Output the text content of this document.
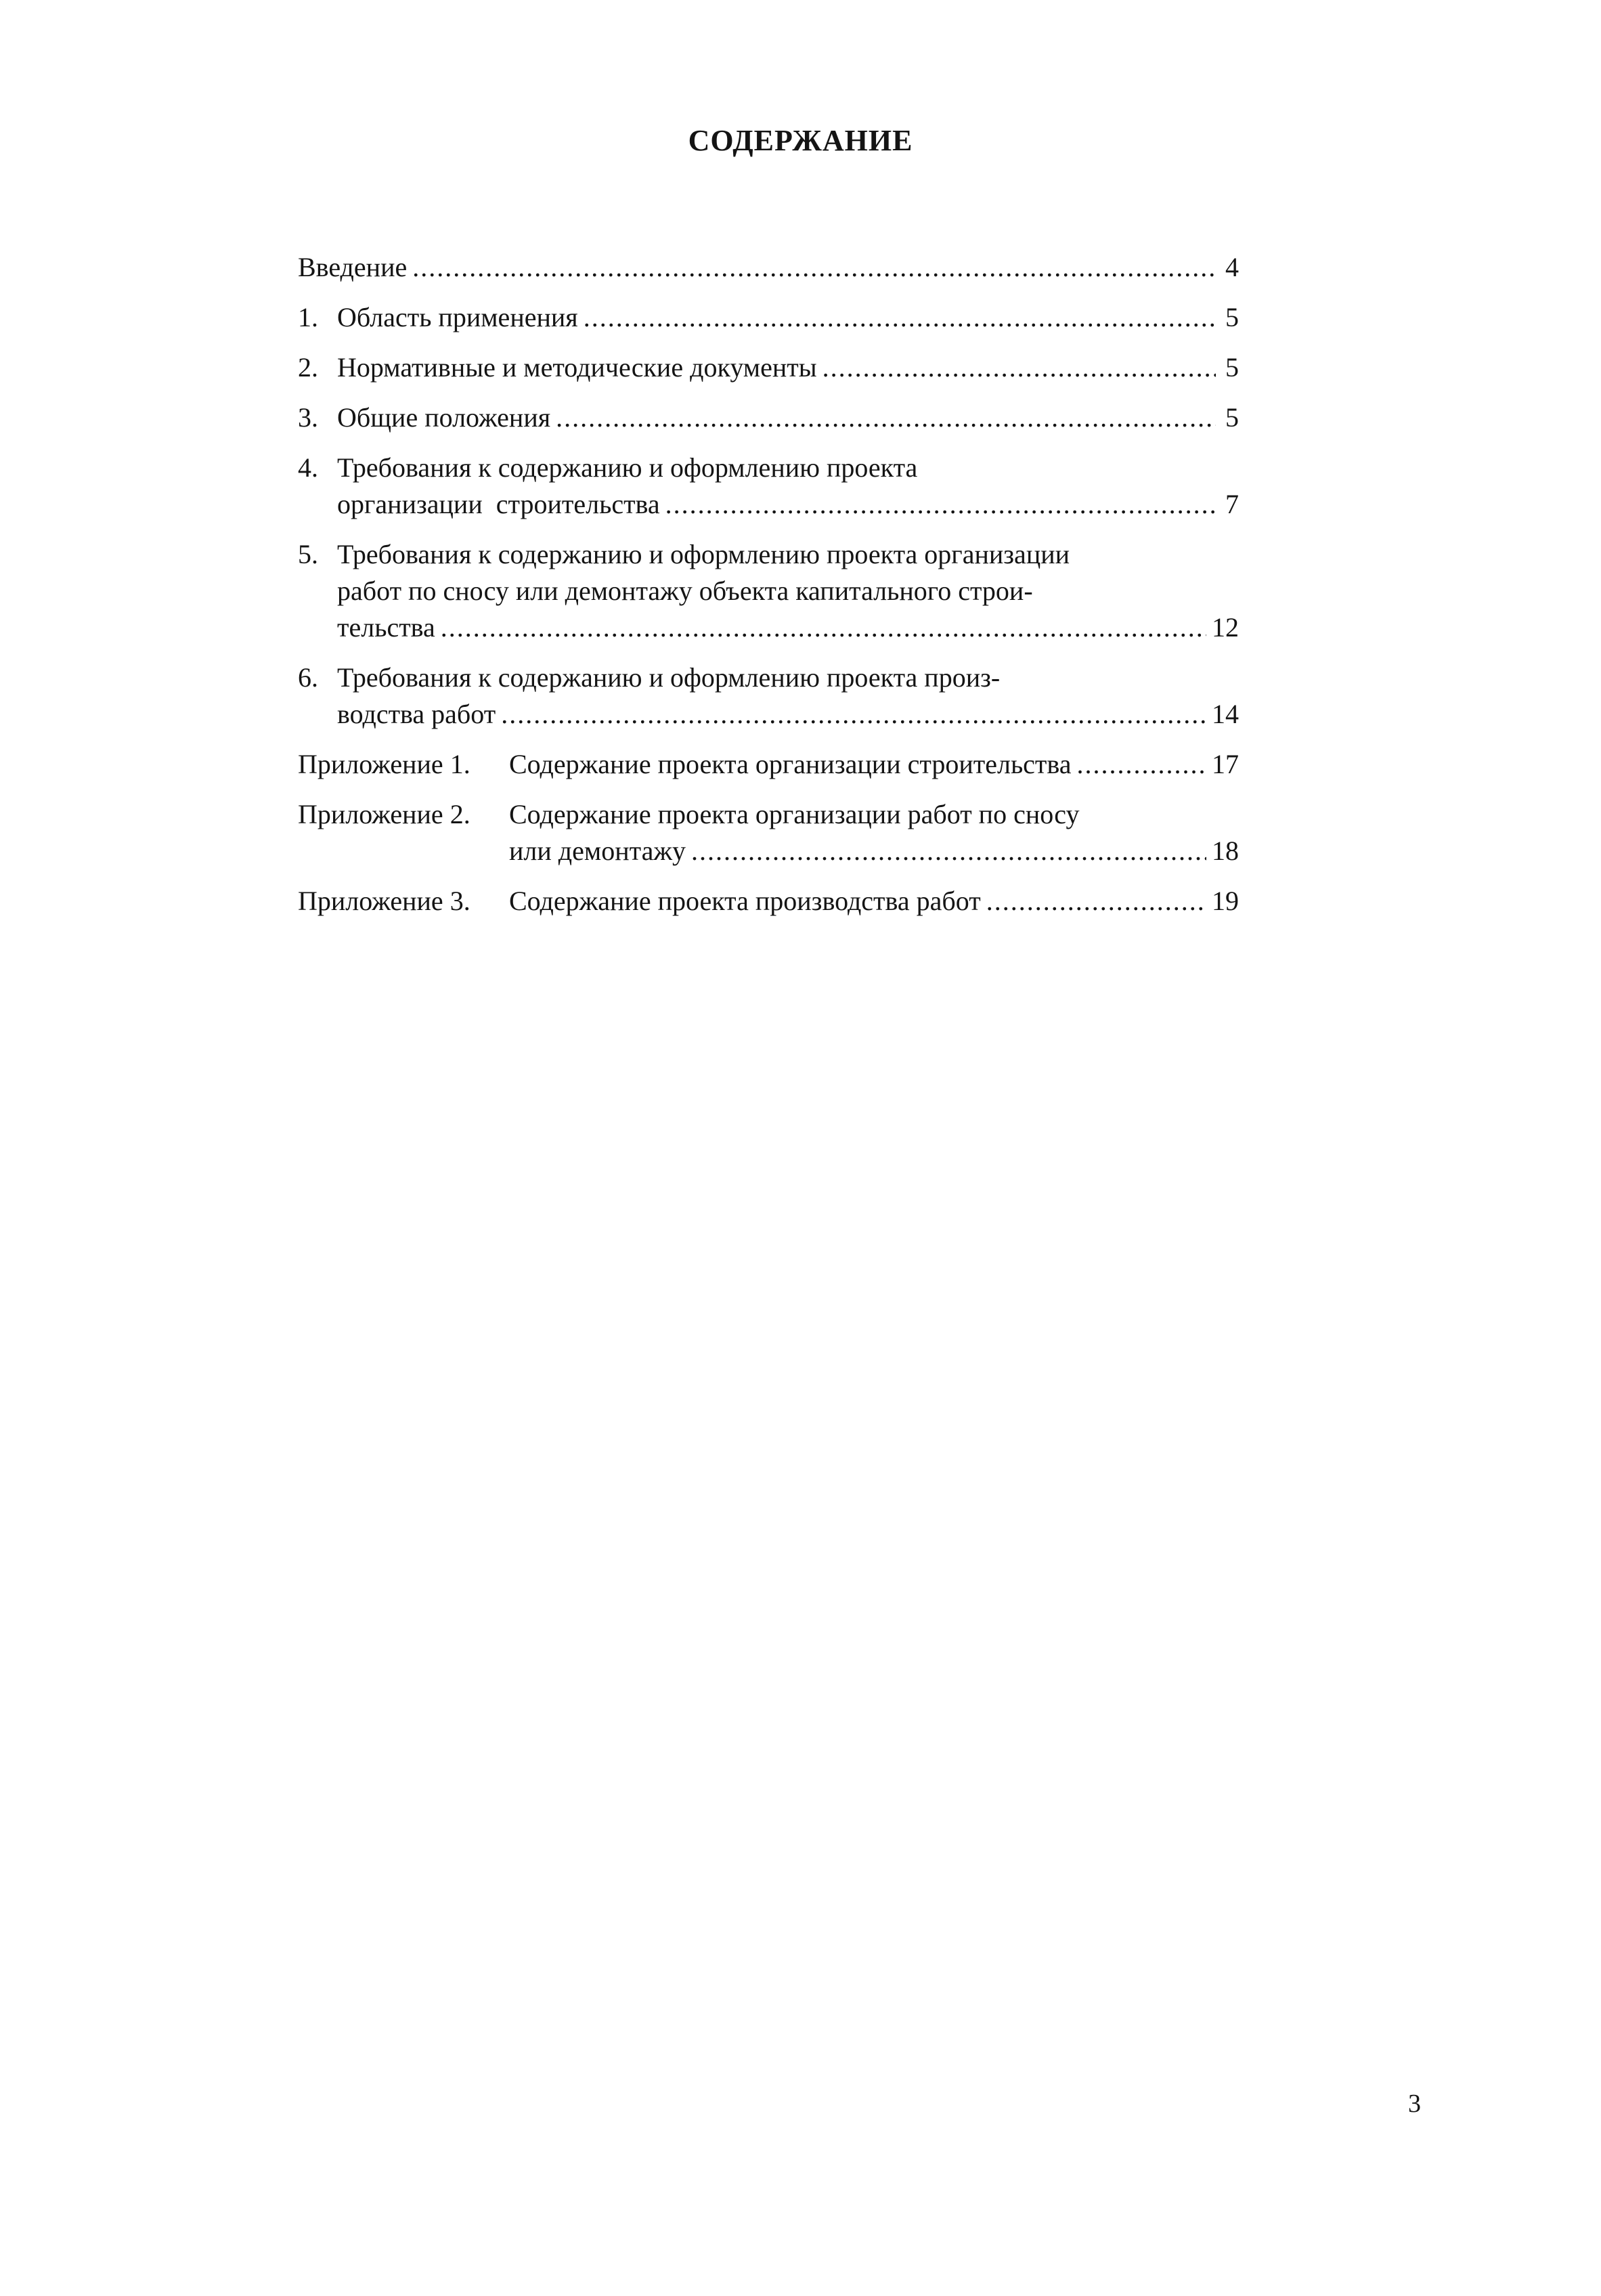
СОДЕРЖАНИЕ
Введение .....	4
1. Область применения .....	5
2. Нормативные и методические документы .....	5
3. Общие положения .....	5
4. Требования к содержанию и оформлению проекта
организации  строительства .....	7
5. Требования к содержанию и оформлению проекта организации
работ по сносу или демонтажу объекта капитального строи-
тельства .....	12
6. Требования к содержанию и оформлению проекта произ-
водства работ .....	14
Приложение 1.	Содержание проекта организации строительства .....	17
Приложение 2.	Содержание проекта организации работ по сносу
или демонтажу .....	18
Приложение 3.	Содержание проекта производства работ .....	19
3
